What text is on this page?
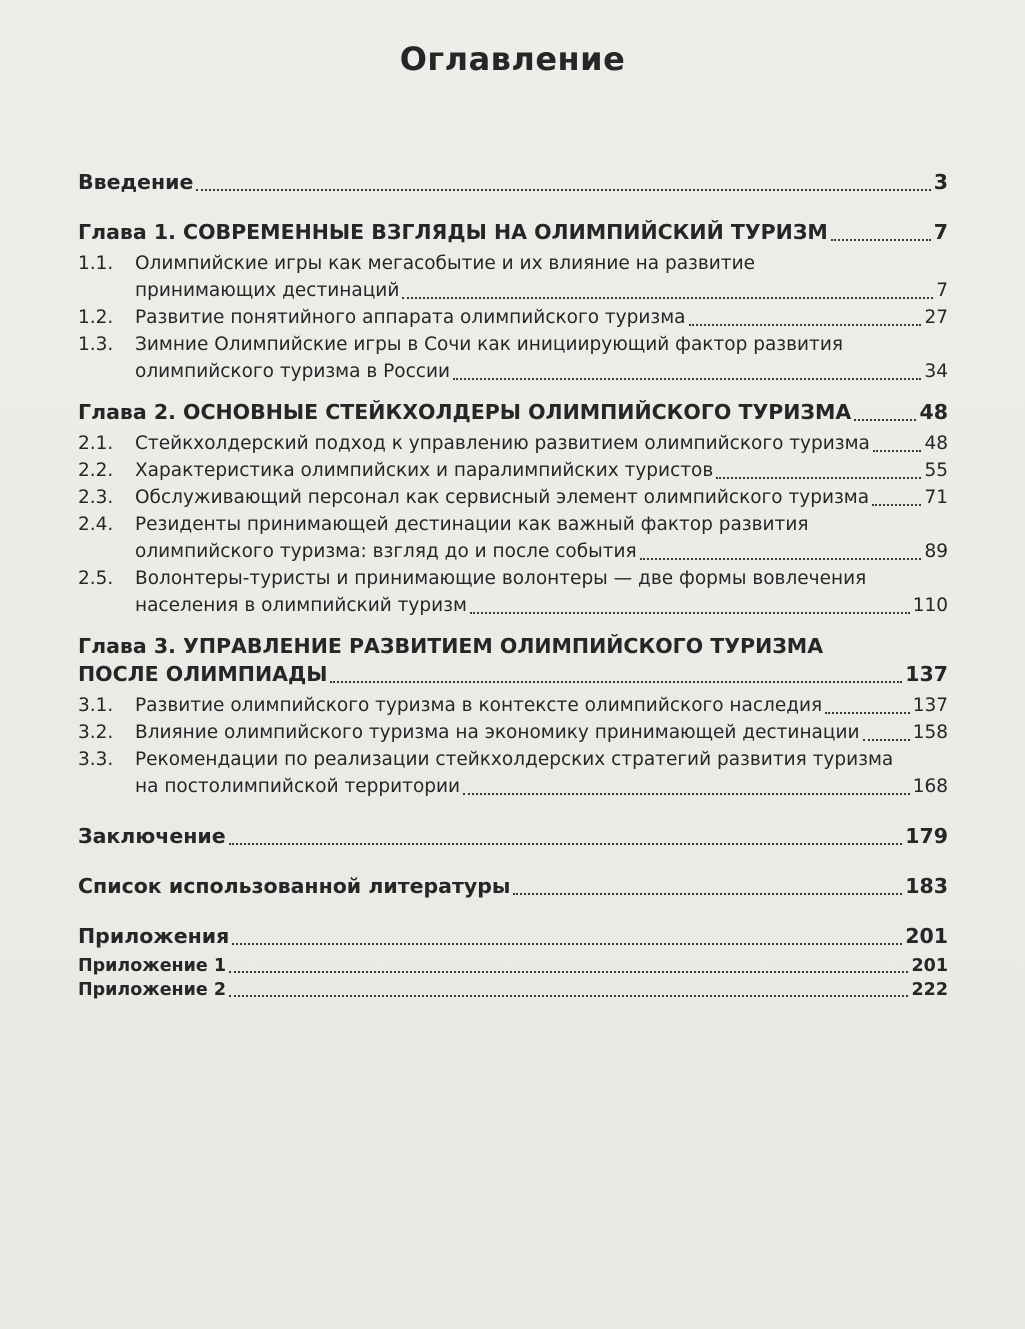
Оглавление
Введение	3
Глава 1. СОВРЕМЕННЫЕ ВЗГЛЯДЫ НА ОЛИМПИЙСКИЙ ТУРИЗМ	7
1.1.	Олимпийские игры как мегасобытие и их влияние на развитие
принимающих дестинаций	7
1.2.	Развитие понятийного аппарата олимпийского туризма	27
1.3.	Зимние Олимпийские игры в Сочи как инициирующий фактор развития
олимпийского туризма в России	34
Глава 2. ОСНОВНЫЕ СТЕЙКХОЛДЕРЫ ОЛИМПИЙСКОГО ТУРИЗМА	48
2.1.	Стейкхолдерский подход к управлению развитием олимпийского туризма	48
2.2.	Характеристика олимпийских и паралимпийских туристов	55
2.3.	Обслуживающий персонал как сервисный элемент олимпийского туризма	71
2.4.	Резиденты принимающей дестинации как важный фактор развития
олимпийского туризма: взгляд до и после события	89
2.5.	Волонтеры-туристы и принимающие волонтеры — две формы вовлечения
населения в олимпийский туризм	110
Глава 3. УПРАВЛЕНИЕ РАЗВИТИЕМ ОЛИМПИЙСКОГО ТУРИЗМА
ПОСЛЕ ОЛИМПИАДЫ	137
3.1.	Развитие олимпийского туризма в контексте олимпийского наследия	137
3.2.	Влияние олимпийского туризма на экономику принимающей дестинации	158
3.3.	Рекомендации по реализации стейкхолдерских стратегий развития туризма
на постолимпийской территории	168
Заключение	179
Список использованной литературы	183
Приложения	201
Приложение 1	201
Приложение 2	222
